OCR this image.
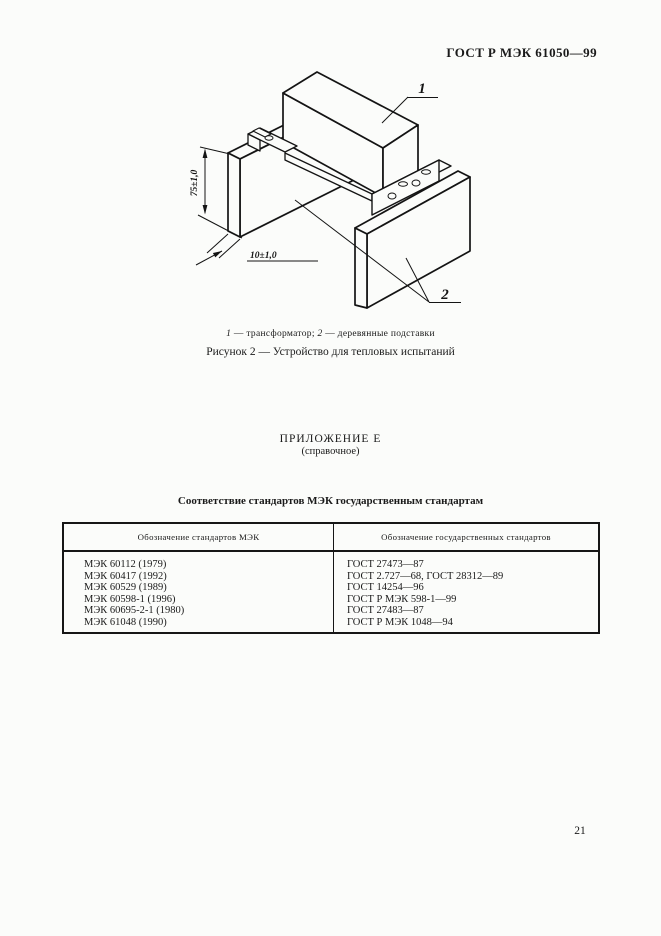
ГОСТ Р МЭК 61050—99
75±1,0
10±1,0
1
2
1 — трансформатор; 2 — деревянные подставки
Рисунок 2 — Устройство для тепловых испытаний
ПРИЛОЖЕНИЕ Е
(справочное)
Соответствие стандартов МЭК государственным стандартам
Обозначение стандартов МЭК	Обозначение государственных стандартов
МЭК 60112 (1979)
МЭК 60417 (1992)
МЭК 60529 (1989)
МЭК 60598-1 (1996)
МЭК 60695-2-1 (1980)
МЭК 61048 (1990)
ГОСТ 27473—87
ГОСТ 2.727—68, ГОСТ 28312—89
ГОСТ 14254—96
ГОСТ Р МЭК 598-1—99
ГОСТ 27483—87
ГОСТ Р МЭК 1048—94
21
